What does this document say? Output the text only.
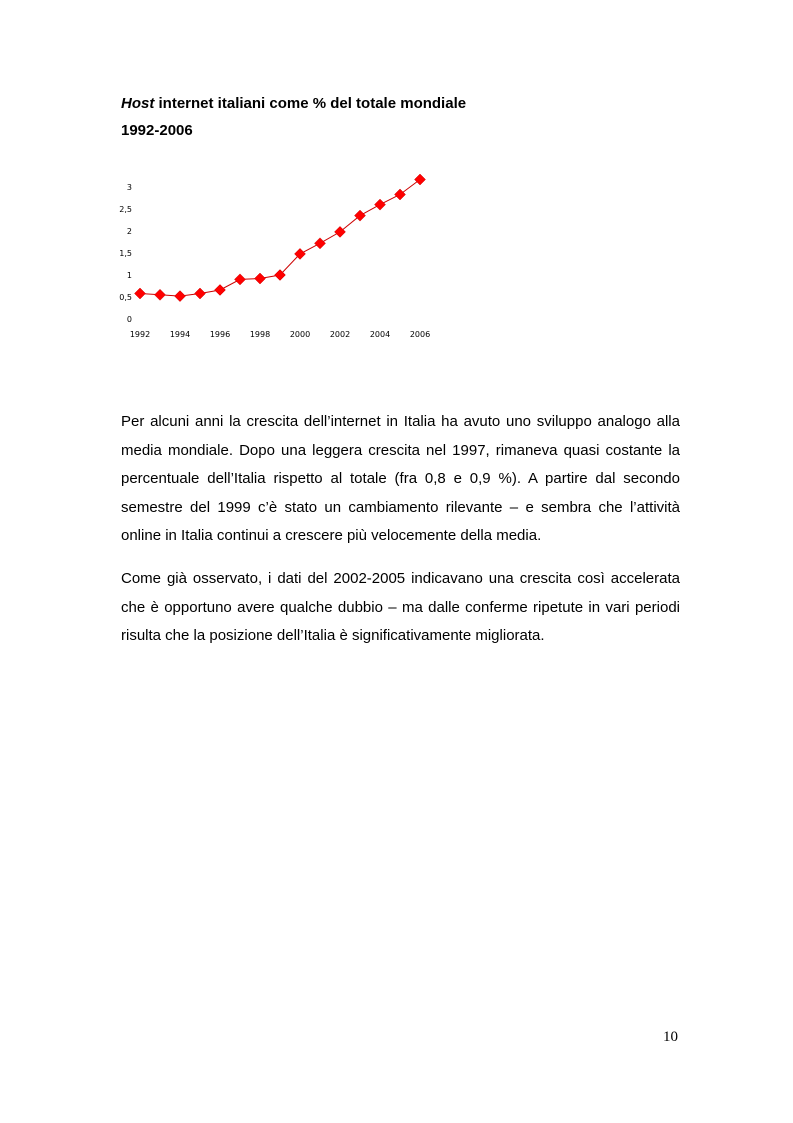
Host internet italiani come % del totale mondiale
1992-2006
0
0,5
1
1,5
2
2,5
3
1992 1994 1996 1998 2000 2002 2004 2006

Per alcuni anni la crescita dell’internet in Italia ha avuto uno sviluppo analogo alla media mondiale. Dopo una leggera crescita nel 1997, rimaneva quasi costante la percentuale dell’Italia rispetto al totale (fra 0,8 e 0,9 %). A partire dal secondo semestre del 1999 c’è stato un cambiamento rilevante – e sembra che l’attività online in Italia continui a crescere più velocemente della media.

Come già osservato, i dati del 2002-2005 indicavano una crescita così accelerata che è opportuno avere qualche dubbio – ma dalle conferme ripetute in vari periodi risulta che la posizione dell’Italia è significativamente migliorata.

10
